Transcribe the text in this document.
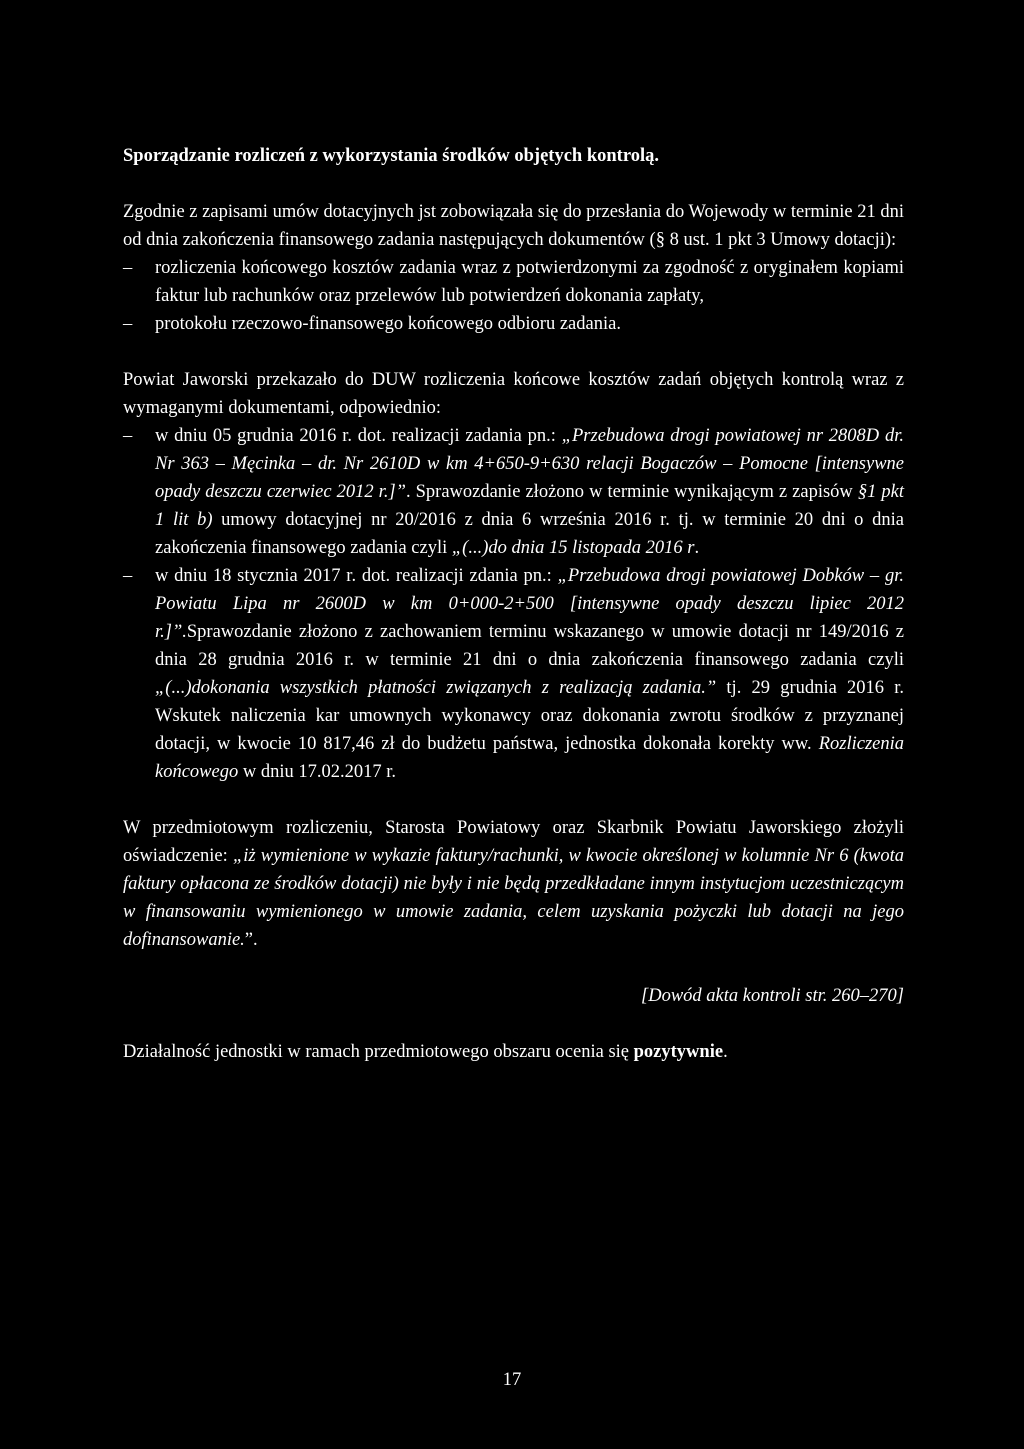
Sporządzanie rozliczeń z wykorzystania środków objętych kontrolą.

Zgodnie z zapisami umów dotacyjnych jst zobowiązała się do przesłania do Wojewody w terminie 21 dni od dnia zakończenia finansowego zadania następujących dokumentów (§ 8 ust. 1 pkt 3 Umowy dotacji):

– rozliczenia końcowego kosztów zadania wraz z potwierdzonymi za zgodność z oryginałem kopiami faktur lub rachunków oraz przelewów lub potwierdzeń dokonania zapłaty,
– protokołu rzeczowo-finansowego końcowego odbioru zadania.

Powiat Jaworski przekazało do DUW rozliczenia końcowe kosztów zadań objętych kontrolą wraz z wymaganymi dokumentami, odpowiednio:

– w dniu 05 grudnia 2016 r. dot. realizacji zadania pn.: „Przebudowa drogi powiatowej nr 2808D dr. Nr 363 – Męcinka – dr. Nr 2610D w km 4+650-9+630 relacji Bogaczów – Pomocne [intensywne opady deszczu czerwiec 2012 r.]”. Sprawozdanie złożono w terminie wynikającym z zapisów §1 pkt 1 lit b) umowy dotacyjnej nr 20/2016 z dnia 6 września 2016 r. tj. w terminie 20 dni o dnia zakończenia finansowego zadania czyli „(...)do dnia 15 listopada 2016 r.
– w dniu 18 stycznia 2017 r. dot. realizacji zdania pn.: „Przebudowa drogi powiatowej Dobków – gr. Powiatu Lipa nr 2600D w km 0+000-2+500 [intensywne opady deszczu lipiec 2012 r.]”.Sprawozdanie złożono z zachowaniem terminu wskazanego w umowie dotacji nr 149/2016 z dnia 28 grudnia 2016 r. w terminie 21 dni o dnia zakończenia finansowego zadania czyli „(...)dokonania wszystkich płatności związanych z realizacją zadania.” tj. 29 grudnia 2016 r. Wskutek naliczenia kar umownych wykonawcy oraz dokonania zwrotu środków z przyznanej dotacji, w kwocie 10 817,46 zł do budżetu państwa, jednostka dokonała korekty ww. Rozliczenia końcowego w dniu 17.02.2017 r.

W przedmiotowym rozliczeniu, Starosta Powiatowy oraz Skarbnik Powiatu Jaworskiego złożyli oświadczenie: „iż wymienione w wykazie faktury/rachunki, w kwocie określonej w kolumnie Nr 6 (kwota faktury opłacona ze środków dotacji) nie były i nie będą przedkładane innym instytucjom uczestniczącym w finansowaniu wymienionego w umowie zadania, celem uzyskania pożyczki lub dotacji na jego dofinansowanie.”.

[Dowód akta kontroli str. 260–270]

Działalność jednostki w ramach przedmiotowego obszaru ocenia się pozytywnie.

17
